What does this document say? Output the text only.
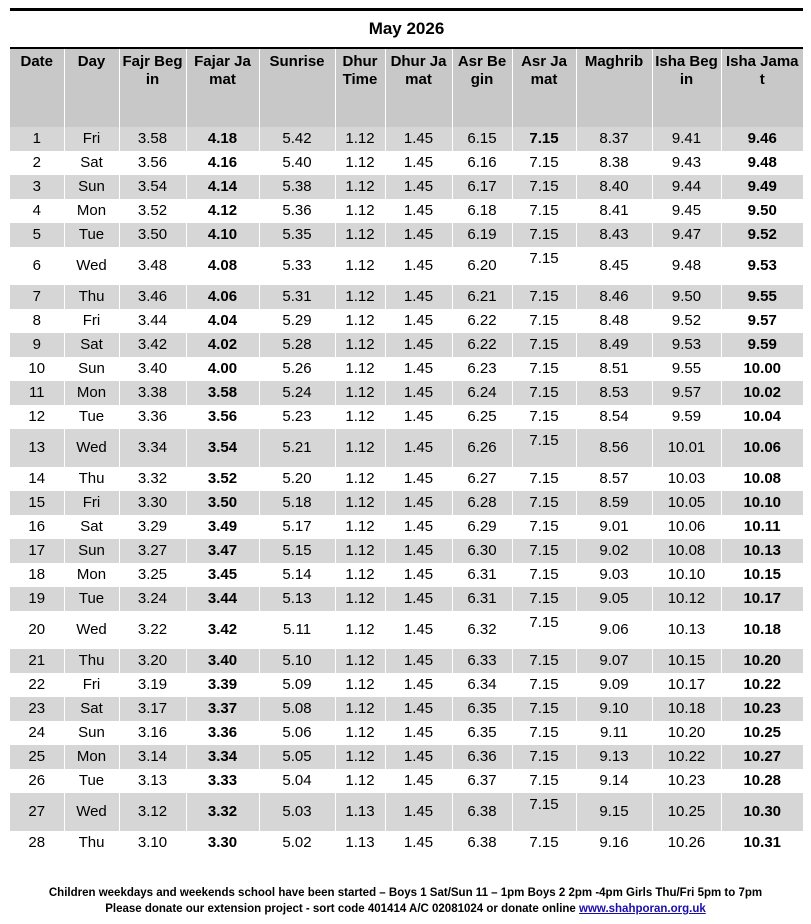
May 2026											
Date	Day	Fajr Begin	Fajar Jamat	Sunrise	Dhur Time	Dhur Jamat	Asr Begin	Asr Jamat	Maghrib	Isha Begin	Isha Jamat
1	Fri	3.58	4.18	5.42	1.12	1.45	6.15	7.15	8.37	9.41	9.46
2	Sat	3.56	4.16	5.40	1.12	1.45	6.16	7.15	8.38	9.43	9.48
3	Sun	3.54	4.14	5.38	1.12	1.45	6.17	7.15	8.40	9.44	9.49
4	Mon	3.52	4.12	5.36	1.12	1.45	6.18	7.15	8.41	9.45	9.50
5	Tue	3.50	4.10	5.35	1.12	1.45	6.19	7.15	8.43	9.47	9.52
6	Wed	3.48	4.08	5.33	1.12	1.45	6.20	7.15	8.45	9.48	9.53
7	Thu	3.46	4.06	5.31	1.12	1.45	6.21	7.15	8.46	9.50	9.55
8	Fri	3.44	4.04	5.29	1.12	1.45	6.22	7.15	8.48	9.52	9.57
9	Sat	3.42	4.02	5.28	1.12	1.45	6.22	7.15	8.49	9.53	9.59
10	Sun	3.40	4.00	5.26	1.12	1.45	6.23	7.15	8.51	9.55	10.00
11	Mon	3.38	3.58	5.24	1.12	1.45	6.24	7.15	8.53	9.57	10.02
12	Tue	3.36	3.56	5.23	1.12	1.45	6.25	7.15	8.54	9.59	10.04
13	Wed	3.34	3.54	5.21	1.12	1.45	6.26	7.15	8.56	10.01	10.06
14	Thu	3.32	3.52	5.20	1.12	1.45	6.27	7.15	8.57	10.03	10.08
15	Fri	3.30	3.50	5.18	1.12	1.45	6.28	7.15	8.59	10.05	10.10
16	Sat	3.29	3.49	5.17	1.12	1.45	6.29	7.15	9.01	10.06	10.11
17	Sun	3.27	3.47	5.15	1.12	1.45	6.30	7.15	9.02	10.08	10.13
18	Mon	3.25	3.45	5.14	1.12	1.45	6.31	7.15	9.03	10.10	10.15
19	Tue	3.24	3.44	5.13	1.12	1.45	6.31	7.15	9.05	10.12	10.17
20	Wed	3.22	3.42	5.11	1.12	1.45	6.32	7.15	9.06	10.13	10.18
21	Thu	3.20	3.40	5.10	1.12	1.45	6.33	7.15	9.07	10.15	10.20
22	Fri	3.19	3.39	5.09	1.12	1.45	6.34	7.15	9.09	10.17	10.22
23	Sat	3.17	3.37	5.08	1.12	1.45	6.35	7.15	9.10	10.18	10.23
24	Sun	3.16	3.36	5.06	1.12	1.45	6.35	7.15	9.11	10.20	10.25
25	Mon	3.14	3.34	5.05	1.12	1.45	6.36	7.15	9.13	10.22	10.27
26	Tue	3.13	3.33	5.04	1.12	1.45	6.37	7.15	9.14	10.23	10.28
27	Wed	3.12	3.32	5.03	1.13	1.45	6.38	7.15	9.15	10.25	10.30
28	Thu	3.10	3.30	5.02	1.13	1.45	6.38	7.15	9.16	10.26	10.31
Children weekdays and weekends school have been started – Boys 1 Sat/Sun 11 – 1pm Boys 2 2pm -4pm Girls Thu/Fri 5pm to 7pm
Please donate our extension project - sort code 401414 A/C 02081024 or donate online www.shahporan.org.uk
